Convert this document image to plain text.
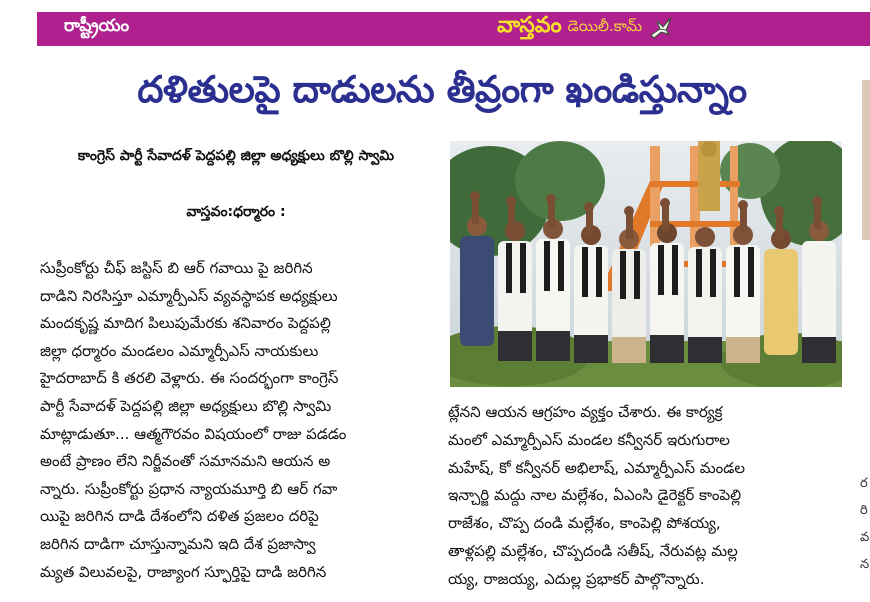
రాష్ట్రీయం	వాస్తవం డెయిలీ.కామ్
దళితులపై దాడులను తీవ్రంగా ఖండిస్తున్నాం
కాంగ్రెస్ పార్టీ సేవాదళ్ పెద్దపల్లి జిల్లా అధ్యక్షులు బొల్లి స్వామి
వాస్తవం:ధర్మారం :
సుప్రీంకోర్టు చీఫ్ జస్టిస్ బి ఆర్ గవాయి పై జరిగిన
దాడిని నిరసిస్తూ ఎమ్మార్పీఎస్ వ్యవస్థాపక అధ్యక్షులు
మందకృష్ణ మాదిగ పిలుపుమేరకు శనివారం పెద్దపల్లి
జిల్లా ధర్మారం మండలం ఎమ్మార్పీఎస్ నాయకులు
హైదరాబాద్ కి తరలి వెళ్లారు. ఈ సందర్భంగా కాంగ్రెస్
పార్టీ సేవాదళ్ పెద్దపల్లి జిల్లా అధ్యక్షులు బొల్లి స్వామి
మాట్లాడుతూ... ఆత్మగౌరవం విషయంలో రాజు పడడం
అంటే ప్రాణం లేని నిర్జీవంతో సమానమని ఆయన అ
న్నారు. సుప్రీంకోర్టు ప్రధాన న్యాయమూర్తి బి ఆర్ గవా
యిపై జరిగిన దాడి దేశంలోని దళిత ప్రజలం దరిపై
జరిగిన దాడిగా చూస్తున్నామని ఇది దేశ ప్రజాస్వా
మ్యత విలువలపై, రాజ్యాంగ స్ఫూర్తిపై దాడి జరిగిన
ట్లేనని ఆయన ఆగ్రహం వ్యక్తం చేశారు. ఈ కార్యక్ర
మంలో ఎమ్మార్పీఎస్ మండల కన్వీనర్ ఇరుగురాల
మహేష్, కో కన్వీనర్ అభిలాష్, ఎమ్మార్పీఎస్ మండల
ఇన్చార్జి మద్దు నాల మల్లేశం, ఏఎంసి డైరెక్టర్ కాంపెల్లి
రాజేశం, చొప్ప దండి మల్లేశం, కాంపెల్లి పోశయ్య,
తాళ్లపల్లి మల్లేశం, చొప్పదండి సతీష్, నేరువట్ల మల్ల
య్య, రాజయ్య, ఎదుల్ల ప్రభాకర్ పాల్గొన్నారు.
ర
రి
వ
న
